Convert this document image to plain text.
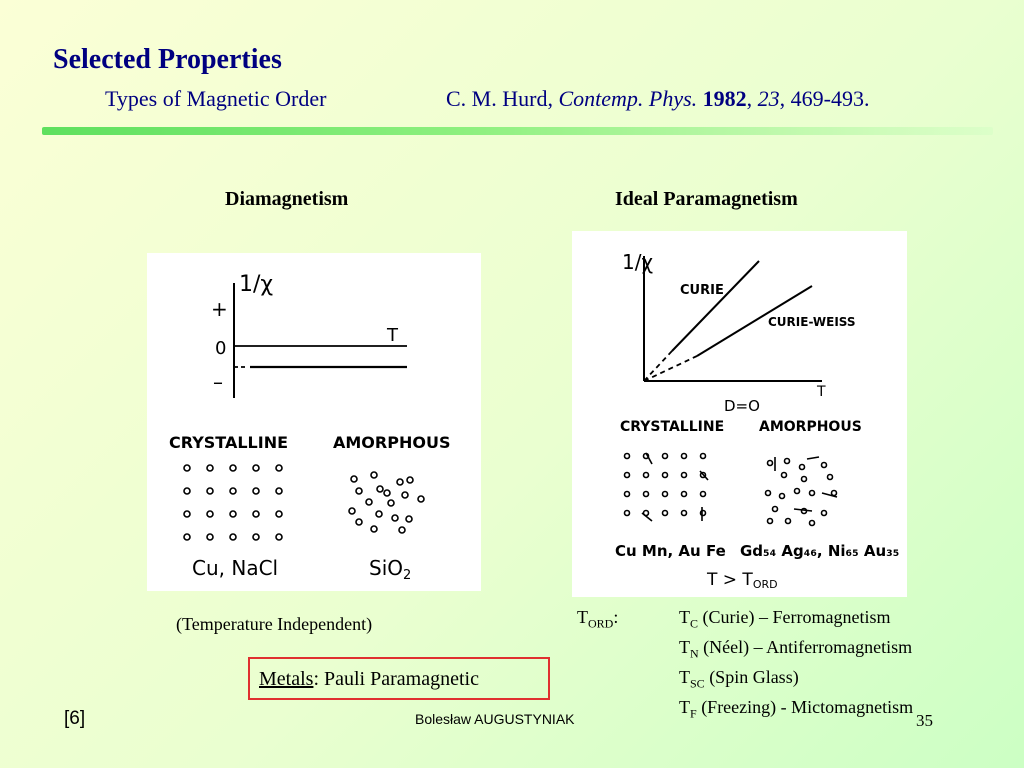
Selected Properties
Types of Magnetic Order	C. M. Hurd, Contemp. Phys. 1982, 23, 469-493.
Diamagnetism	Ideal Paramagnetism
1/χ
+
0
–
T
CRYSTALLINE	AMORPHOUS
Cu, NaCl	SiO$_2$
1/χ
CURIE
CURIE-WEISS
T
D=O
CRYSTALLINE AMORPHOUS
Cu Mn, Au Fe Gd₅₄ Ag₄₆, Ni₆₅ Au₃₅
T > TORD
(Temperature Independent)
Metals: Pauli Paramagnetic
$T_{ORD}$:	$T_C$ (Curie) – Ferromagnetism
$T_N$ (Néel) – Antiferromagnetism
$T_{SC}$ (Spin Glass)
$T_F$ (Freezing) - Mictomagnetism
[6]	Bolesław AUGUSTYNIAK	35
